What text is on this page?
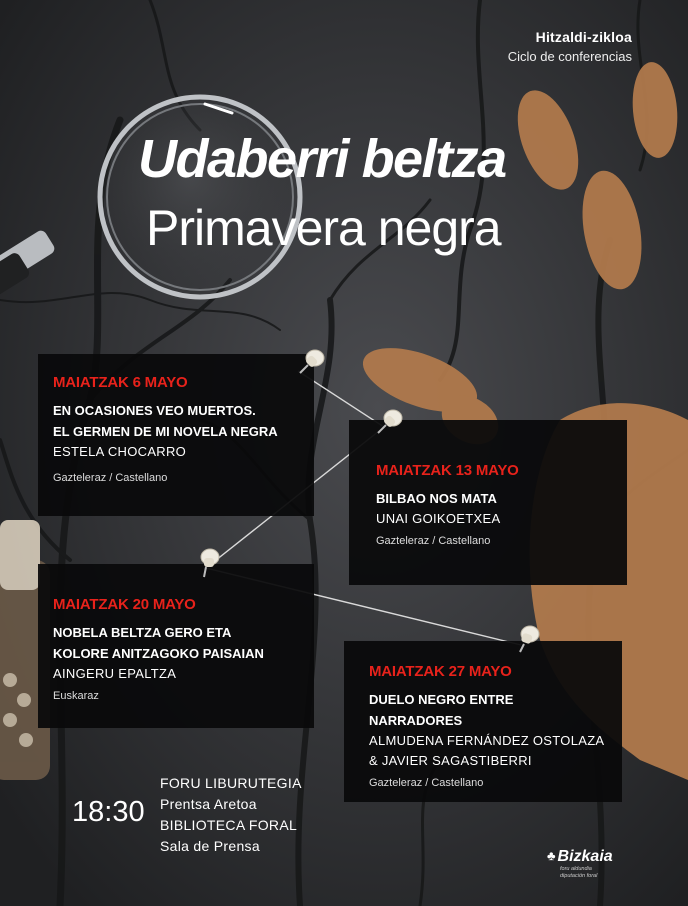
Hitzaldi-zikloa
Ciclo de conferencias
Udaberri beltza
Primavera negra
MAIATZAK 6 MAYO
EN OCASIONES VEO MUERTOS.
EL GERMEN DE MI NOVELA NEGRA
ESTELA CHOCARRO
Gazteleraz / Castellano	MAIATZAK 13 MAYO
BILBAO NOS MATA
UNAI GOIKOETXEA
Gazteleraz / Castellano
MAIATZAK 20 MAYO
NOBELA BELTZA GERO ETA
KOLORE ANITZAGOKO PAISAIAN
AINGERU EPALTZA
Euskaraz
MAIATZAK 27 MAYO
DUELO NEGRO ENTRE
NARRADORES
ALMUDENA FERNÁNDEZ OSTOLAZA
& JAVIER SAGASTIBERRI
Gazteleraz / Castellano
18:30
FORU LIBURUTEGIA
Prentsa Aretoa
BIBLIOTECA FORAL
Sala de Prensa
♣ Bizkaia
foru aldundia
diputación foral
